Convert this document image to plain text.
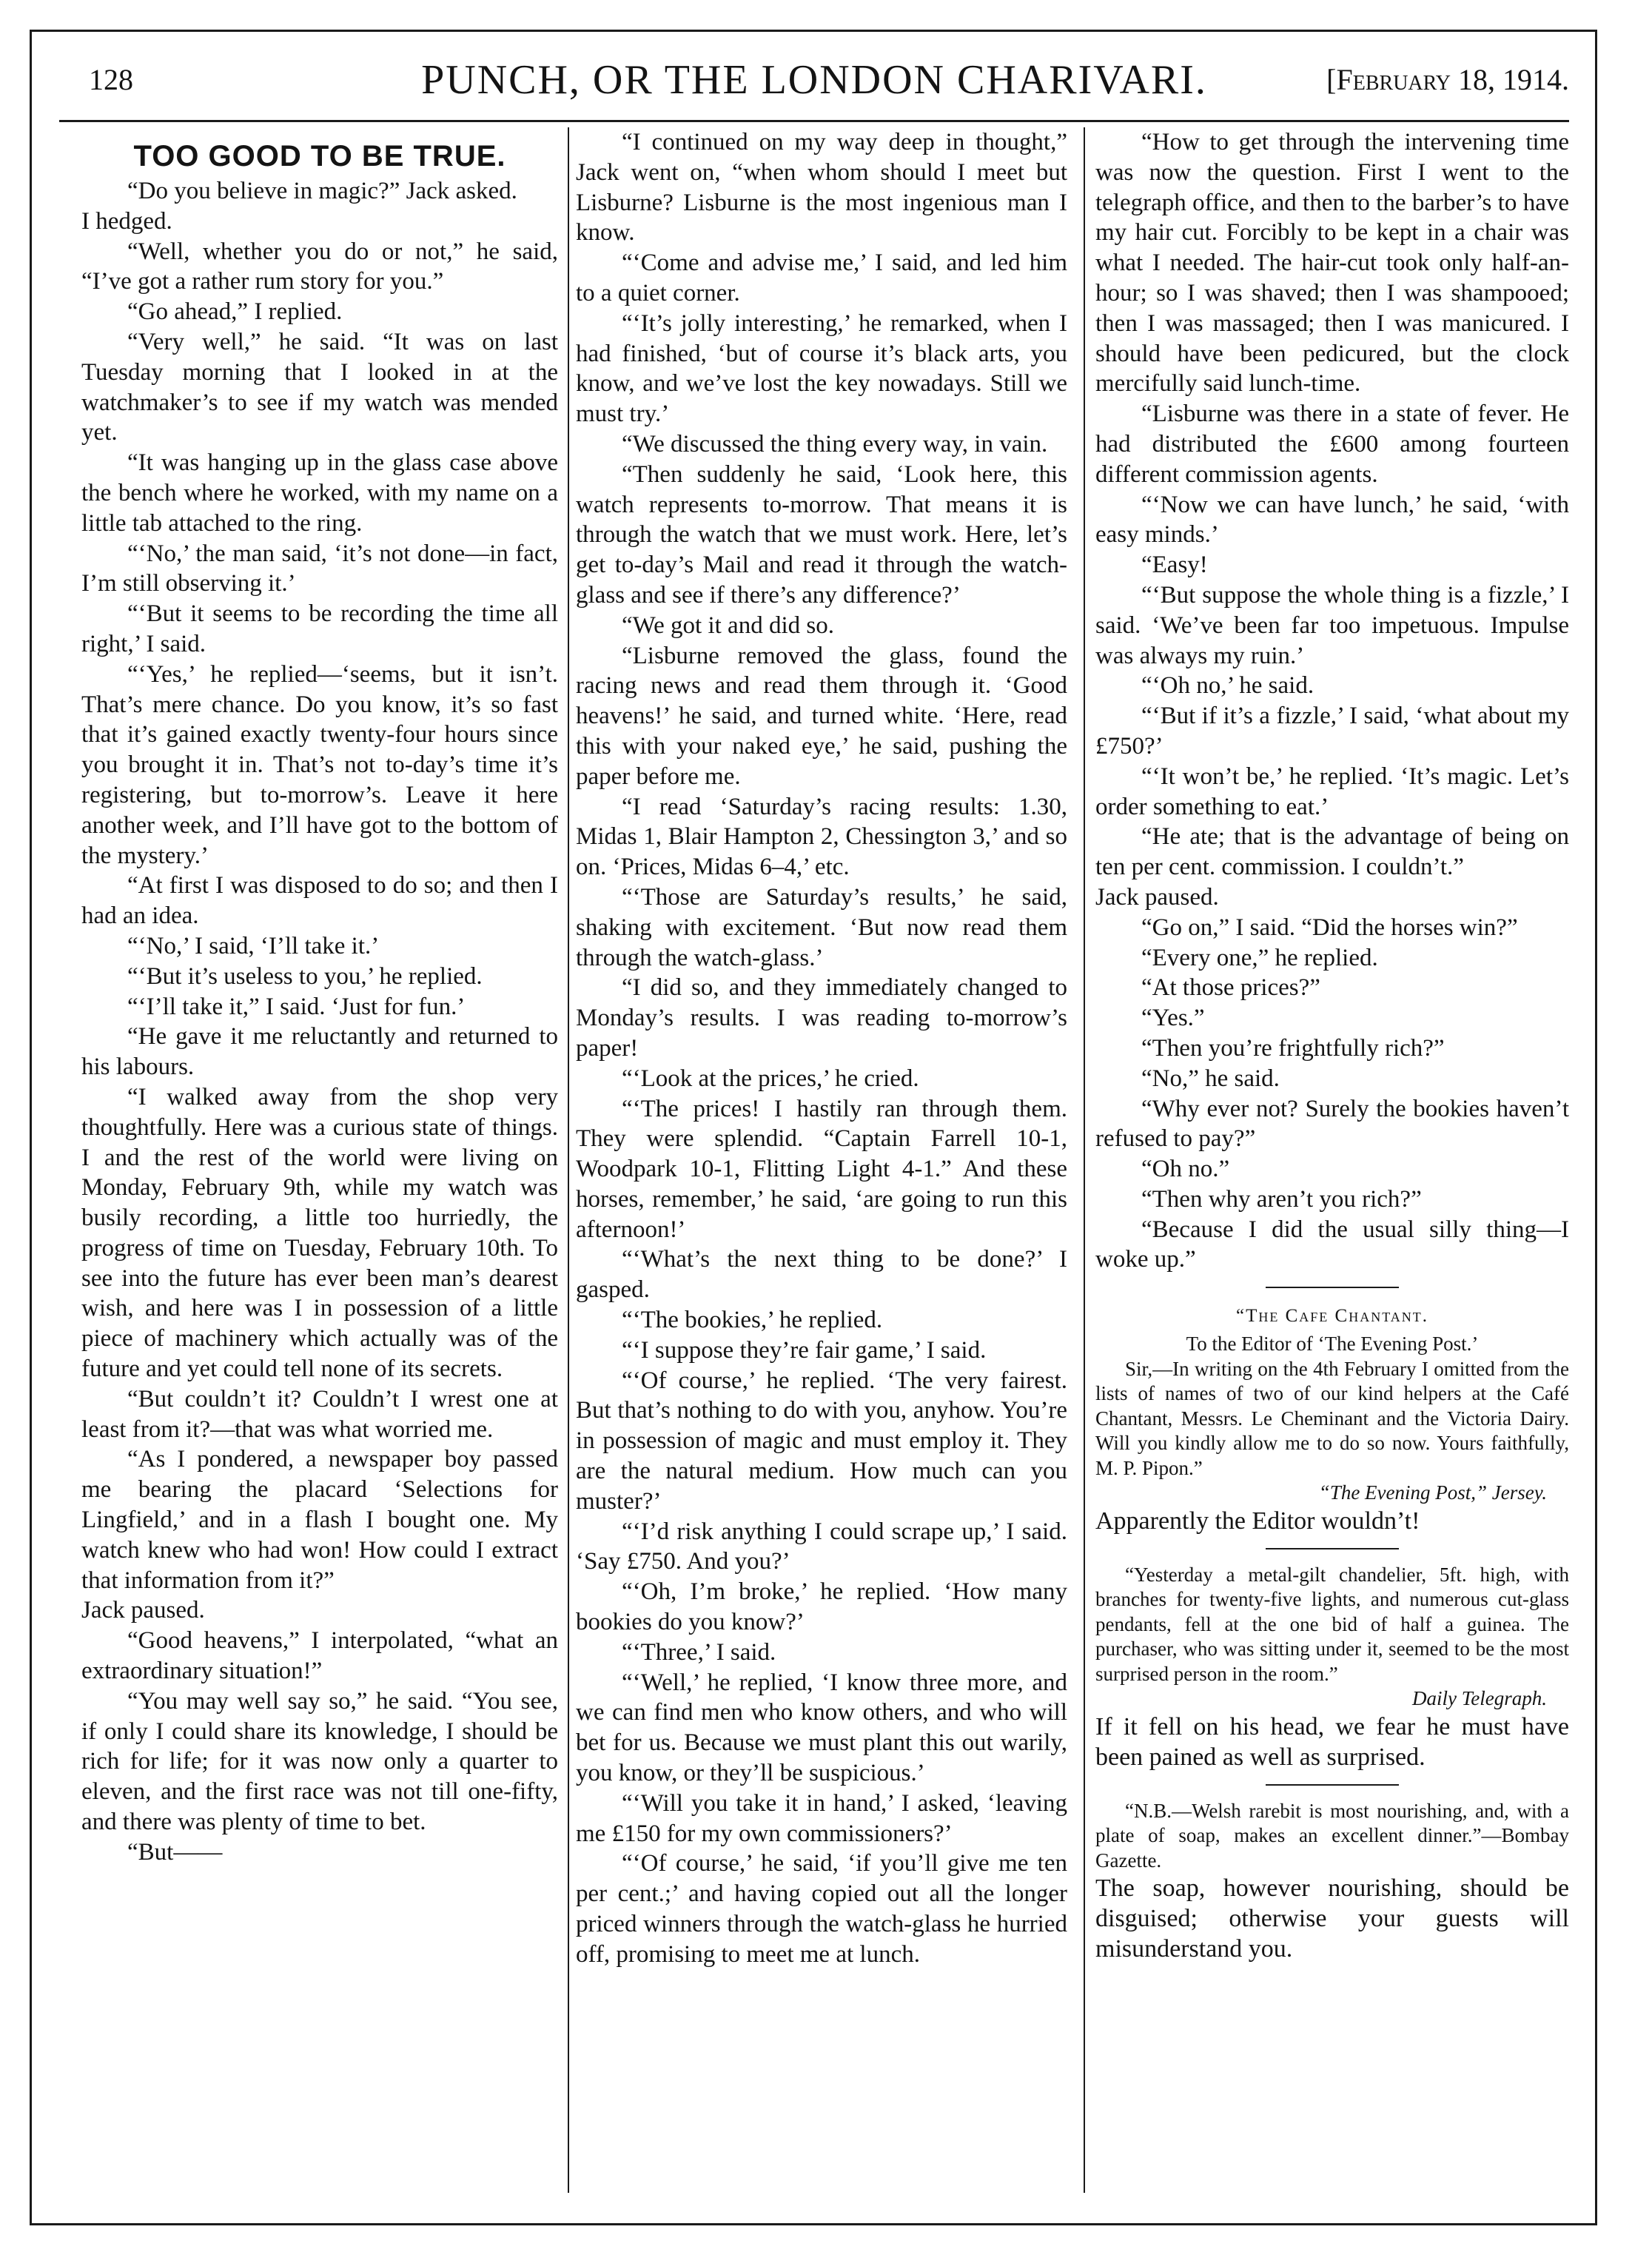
128	PUNCH, OR THE LONDON CHARIVARI.	[February 18, 1914.
TOO GOOD TO BE TRUE.

“Do you believe in magic?” Jack asked.

I hedged.

“Well, whether you do or not,” he said, “I’ve got a rather rum story for you.”

“Go ahead,” I replied.

“Very well,” he said. “It was on last Tuesday morning that I looked in at the watchmaker’s to see if my watch was mended yet.

“It was hanging up in the glass case above the bench where he worked, with my name on a little tab attached to the ring.

“‘No,’ the man said, ‘it’s not done—in fact, I’m still observing it.’

“‘But it seems to be recording the time all right,’ I said.

“‘Yes,’ he replied—‘seems, but it isn’t. That’s mere chance. Do you know, it’s so fast that it’s gained exactly twenty-four hours since you brought it in. That’s not to-day’s time it’s registering, but to-morrow’s. Leave it here another week, and I’ll have got to the bottom of the mystery.’

“At first I was disposed to do so; and then I had an idea.

“‘No,’ I said, ‘I’ll take it.’

“‘But it’s useless to you,’ he replied.

“‘I’ll take it,” I said. ‘Just for fun.’

“He gave it me reluctantly and returned to his labours.

“I walked away from the shop very thoughtfully. Here was a curious state of things. I and the rest of the world were living on Monday, February 9th, while my watch was busily recording, a little too hurriedly, the progress of time on Tuesday, February 10th. To see into the future has ever been man’s dearest wish, and here was I in possession of a little piece of machinery which actually was of the future and yet could tell none of its secrets.

“But couldn’t it? Couldn’t I wrest one at least from it?—that was what worried me.

“As I pondered, a newspaper boy passed me bearing the placard ‘Selections for Lingfield,’ and in a flash I bought one. My watch knew who had won! How could I extract that information from it?”

Jack paused.

“Good heavens,” I interpolated, “what an extraordinary situation!”

“You may well say so,” he said. “You see, if only I could share its knowledge, I should be rich for life; for it was now only a quarter to eleven, and the first race was not till one-fifty, and there was plenty of time to bet.

“But——

“I continued on my way deep in thought,” Jack went on, “when whom should I meet but Lisburne? Lisburne is the most ingenious man I know.

“‘Come and advise me,’ I said, and led him to a quiet corner.

“‘It’s jolly interesting,’ he remarked, when I had finished, ‘but of course it’s black arts, you know, and we’ve lost the key nowadays. Still we must try.’

“We discussed the thing every way, in vain.

“Then suddenly he said, ‘Look here, this watch represents to-morrow. That means it is through the watch that we must work. Here, let’s get to-day’s Mail and read it through the watch-glass and see if there’s any difference?’

“We got it and did so.

“Lisburne removed the glass, found the racing news and read them through it. ‘Good heavens!’ he said, and turned white. ‘Here, read this with your naked eye,’ he said, pushing the paper before me.

“I read ‘Saturday’s racing results: 1.30, Midas 1, Blair Hampton 2, Chessington 3,’ and so on. ‘Prices, Midas 6–4,’ etc.

“‘Those are Saturday’s results,’ he said, shaking with excitement. ‘But now read them through the watch-glass.’

“I did so, and they immediately changed to Monday’s results. I was reading to-morrow’s paper!

“‘Look at the prices,’ he cried.

“‘The prices! I hastily ran through them. They were splendid. “Captain Farrell 10-1, Woodpark 10-1, Flitting Light 4-1.” And these horses, remember,’ he said, ‘are going to run this afternoon!’

“‘What’s the next thing to be done?’ I gasped.

“‘The bookies,’ he replied.

“‘I suppose they’re fair game,’ I said.

“‘Of course,’ he replied. ‘The very fairest. But that’s nothing to do with you, anyhow. You’re in possession of magic and must employ it. They are the natural medium. How much can you muster?’

“‘I’d risk anything I could scrape up,’ I said. ‘Say £750. And you?’

“‘Oh, I’m broke,’ he replied. ‘How many bookies do you know?’

“‘Three,’ I said.

“‘Well,’ he replied, ‘I know three more, and we can find men who know others, and who will bet for us. Because we must plant this out warily, you know, or they’ll be suspicious.’

“‘Will you take it in hand,’ I asked, ‘leaving me £150 for my own commissioners?’

“‘Of course,’ he said, ‘if you’ll give me ten per cent.;’ and having copied out all the longer priced winners through the watch-glass he hurried off, promising to meet me at lunch.

“How to get through the intervening time was now the question. First I went to the telegraph office, and then to the barber’s to have my hair cut. Forcibly to be kept in a chair was what I needed. The hair-cut took only half-an-hour; so I was shaved; then I was shampooed; then I was massaged; then I was manicured. I should have been pedicured, but the clock mercifully said lunch-time.

“Lisburne was there in a state of fever. He had distributed the £600 among fourteen different commission agents.

“‘Now we can have lunch,’ he said, ‘with easy minds.’

“Easy!

“‘But suppose the whole thing is a fizzle,’ I said. ‘We’ve been far too impetuous. Impulse was always my ruin.’

“‘Oh no,’ he said.

“‘But if it’s a fizzle,’ I said, ‘what about my £750?’

“‘It won’t be,’ he replied. ‘It’s magic. Let’s order something to eat.’

“He ate; that is the advantage of being on ten per cent. commission. I couldn’t.”

Jack paused.

“Go on,” I said. “Did the horses win?”

“Every one,” he replied.

“At those prices?”

“Yes.”

“Then you’re frightfully rich?”

“No,” he said.

“Why ever not? Surely the bookies haven’t refused to pay?”

“Oh no.”

“Then why aren’t you rich?”

“Because I did the usual silly thing—I woke up.”

“The Cafe Chantant.
To the Editor of ‘The Evening Post.’

Sir,—In writing on the 4th February I omitted from the lists of names of two of our kind helpers at the Café Chantant, Messrs. Le Cheminant and the Victoria Dairy. Will you kindly allow me to do so now. Yours faithfully, M. P. Pipon.”

“The Evening Post,” Jersey.

Apparently the Editor wouldn’t!

“Yesterday a metal-gilt chandelier, 5ft. high, with branches for twenty-five lights, and numerous cut-glass pendants, fell at the one bid of half a guinea. The purchaser, who was sitting under it, seemed to be the most surprised person in the room.”

Daily Telegraph.

If it fell on his head, we fear he must have been pained as well as surprised.

“N.B.—Welsh rarebit is most nourishing, and, with a plate of soap, makes an excellent dinner.”—Bombay Gazette.

The soap, however nourishing, should be disguised; otherwise your guests will misunderstand you.
